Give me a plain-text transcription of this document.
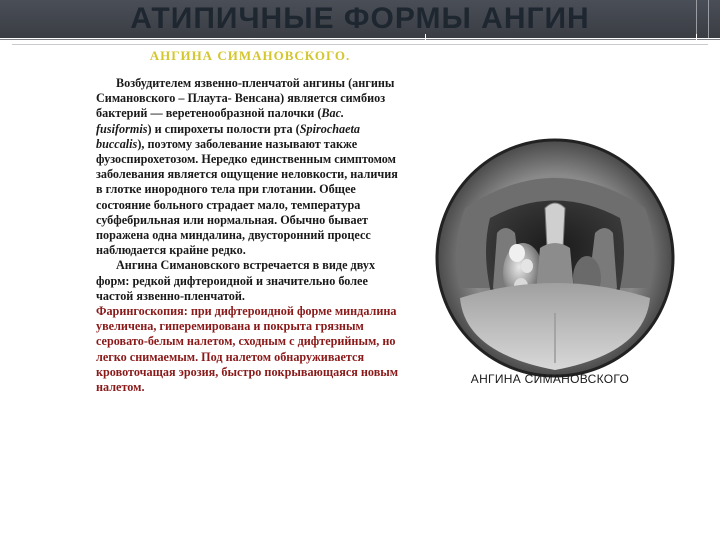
АТИПИЧНЫЕ ФОРМЫ АНГИН
АНГИНА СИМАНОВСКОГО.

Возбудителем язвенно-пленчатой ангины (ангины Симановского – Плаута- Венсана) является симбиоз бактерий — веретенообразной палочки (Bac. fusiformis) и спирохеты полости рта (Spirochaeta buccalis), поэтому заболевание называют также фузоспирохетозом. Нередко единственным симптомом заболевания является ощущение неловкости, наличия в глотке инородного тела при глотании. Общее состояние больного страдает мало, температура субфебрильная или нормальная. Обычно бывает поражена одна миндалина, двусторонний процесс наблюдается крайне редко.

Ангина Симановского встречается в виде двух форм: редкой дифтероидной и значительно более частой язвенно-пленчатой.

Фарингоскопия: при дифтероидной форме миндалина увеличена, гиперемирована и покрыта грязным серовато-белым налетом, сходным с дифтерийным, но легко снимаемым. Под налетом обнаруживается кровоточащая эрозия, быстро покрывающаяся новым налетом.

АНГИНА СИМАНОВСКОГО
